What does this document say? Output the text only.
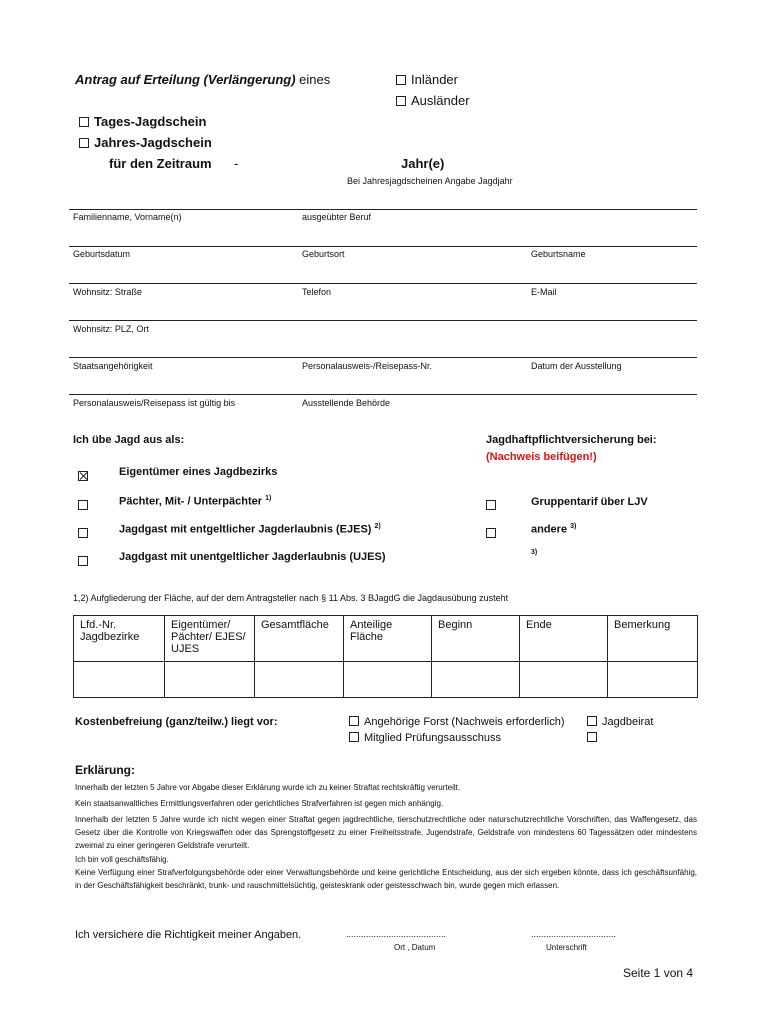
Antrag auf Erteilung (Verlängerung) eines	Inländer
Ausländer
Tages-Jagdschein
Jahres-Jagdschein
für den Zeitraum -	Jahr(e)
Bei Jahresjagdscheinen Angabe Jagdjahr
Familienname, Vorname(n)	ausgeübter Beruf
Geburtsdatum	Geburtsort	Geburtsname
Wohnsitz: Straße	Telefon	E-Mail
Wohnsitz: PLZ, Ort
Staatsangehörigkeit	Personalausweis-/Reisepass-Nr.	Datum der Ausstellung
Personalausweis/Reisepass ist gültig bis	Ausstellende Behörde
Ich übe Jagd aus als:	Jagdhaftpflichtversicherung bei:
(Nachweis beifügen!)
Eigentümer eines Jagdbezirks
Pächter, Mit- / Unterpächter $^{1)}$	Gruppentarif über LJV
Jagdgast mit entgeltlicher Jagderlaubnis (EJES) $^{2)}$	andere $^{3)}$
Jagdgast mit unentgeltlicher Jagderlaubnis (UJES)	3)
1,2) Aufgliederung der Fläche, auf der dem Antragsteller nach § 11 Abs. 3 BJagdG die Jagdausübung zusteht
Lfd.-Nr. Jagdbezirke	Eigentümer/ Pächter/ EJES/ UJES	Gesamtfläche	Anteilige Fläche	Beginn	Ende	Bemerkung

Kostenbefreiung (ganz/teilw.) liegt vor:	Angehörige Forst (Nachweis erforderlich)
Mitglied Prüfungsausschuss
Jagdbeirat
Erklärung:
Innerhalb der letzten 5 Jahre vor Abgabe dieser Erklärung wurde ich zu keiner Straftat rechtskräftig verurteilt.
Kein staatsanwaltliches Ermittlungsverfahren oder gerichtliches Strafverfahren ist gegen mich anhängig.
Innerhalb der letzten 5 Jahre wurde ich nicht wegen einer Straftat gegen jagdrechtliche, tierschutzrechtliche oder naturschutzrechtliche Vorschriften, das Waffengesetz, das Gesetz über die Kontrolle von Kriegswaffen oder das Sprengstoffgesetz zu einer Freiheitsstrafe, Jugendstrafe, Geldstrafe von mindestens 60 Tagessätzen oder mindestens zweimal zu einer geringeren Geldstrafe verurteilt.
Ich bin voll geschäftsfähig.
Keine Verfügung einer Strafverfolgungsbehörde oder einer Verwaltungsbehörde und keine gerichtliche Entscheidung, aus der sich ergeben könnte, dass ich geschäftsunfähig, in der Geschäftsfähigkeit beschränkt, trunk- und rauschmittelsüchtig, geisteskrank oder geistesschwach bin, wurde gegen mich erlassen.
Ich versichere die Richtigkeit meiner Angaben.	........................................
Ort , Datum
..................................
Unterschrift
Seite 1 von 4
